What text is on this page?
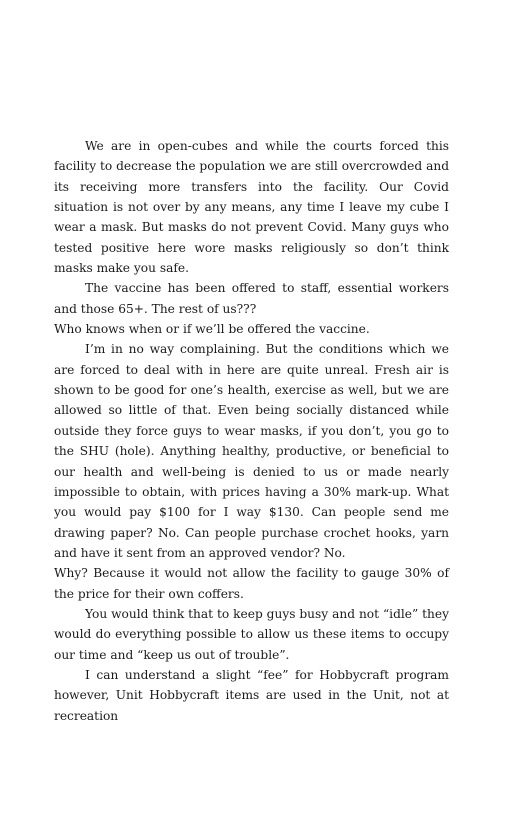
We are in open-cubes and while the courts forced this facility to decrease the population we are still overcrowded and its receiving more transfers into the facility. Our Covid situation is not over by any means, any time I leave my cube I wear a mask. But masks do not prevent Covid. Many guys who tested positive here wore masks religiously so don’t think masks make you safe.

The vaccine has been offered to staff, essential workers and those 65+. The rest of us???

Who knows when or if we’ll be offered the vaccine.

I’m in no way complaining. But the conditions which we are forced to deal with in here are quite unreal. Fresh air is shown to be good for one’s health, exercise as well, but we are allowed so little of that. Even being socially distanced while outside they force guys to wear masks, if you don’t, you go to the SHU (hole). Anything healthy, productive, or beneficial to our health and well-being is denied to us or made nearly impossible to obtain, with prices having a 30% mark-up. What you would pay $100 for I way $130. Can people send me drawing paper? No. Can people purchase crochet hooks, yarn and have it sent from an approved vendor? No.

Why? Because it would not allow the facility to gauge 30% of the price for their own coffers.

You would think that to keep guys busy and not “idle” they would do everything possible to allow us these items to occupy our time and “keep us out of trouble”.

I can understand a slight “fee” for Hobbycraft program however, Unit Hobbycraft items are used in the Unit, not at recreation
